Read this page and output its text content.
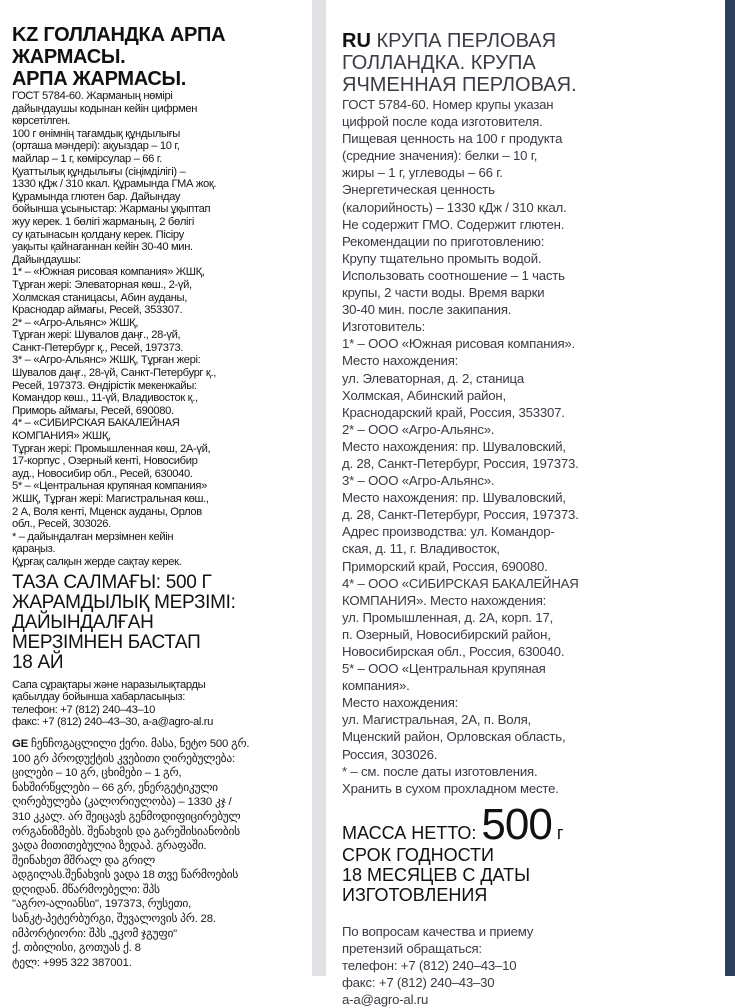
KZ ГОЛЛАНДКА АРПА
ЖАРМАСЫ.
АРПА ЖАРМАСЫ.
ГОСТ 5784-60. Жарманың нөмірі
дайындаушы кодынан кейін цифрмен
көрсетілген.
100 г өнімнің тағамдық құндылығы
(орташа мәндері): ақуыздар – 10 г,
майлар – 1 г, көмірсулар – 66 г.
Қуаттылық құндылығы (сіңімділігі) –
1330 кДж / 310 ккал. Құрамында ГМА жоқ.
Құрамында глютен бар. Дайындау
бойынша ұсыныстар: Жарманы ұқыптап
жуу керек. 1 бөлігі жарманың, 2 бөлігі
су қатынасын қолдану керек. Пісіру
уақыты қайнағаннан кейін 30-40 мин.
Дайындаушы:
1* – «Южная рисовая компания» ЖШҚ,
Тұрған жері: Элеваторная көш., 2-үй,
Холмская станицасы, Абин ауданы,
Краснодар аймағы, Ресей, 353307.
2* – «Агро-Альянс» ЖШҚ,
Тұрған жері: Шувалов даңғ., 28-үй,
Санкт-Петербург қ., Ресей, 197373.
3* – «Агро-Альянс» ЖШҚ, Тұрған жері:
Шувалов даңғ., 28-үй, Санкт-Петербург қ.,
Ресей, 197373. Өндірістік мекенжайы:
Командор көш., 11-үй, Владивосток қ.,
Приморь аймағы, Ресей, 690080.
4* – «СИБИРСКАЯ БАКАЛЕЙНАЯ
КОМПАНИЯ» ЖШҚ,
Тұрған жері: Промышленная көш, 2А-үй,
17-корпус , Озерный кенті, Новосибир
ауд., Новосибир обл., Ресей, 630040.
5* – «Центральная крупяная компания»
ЖШҚ, Тұрған жері: Магистральная көш.,
2 А, Воля кенті, Мценск ауданы, Орлов
обл., Ресей, 303026.
* – дайындалған мерзімнен кейін
қараңыз.
Құрғақ салқын жерде сақтау керек.
ТАЗА САЛМАҒЫ: 500 Г
ЖАРАМДЫЛЫҚ МЕРЗІМІ:
ДАЙЫНДАЛҒАН
МЕРЗІМНЕН БАСТАП
18 АЙ
Сапа сұрақтары және наразылықтарды
қабылдау бойынша хабарласыңыз:
телефон: +7 (812) 240–43–10
факс: +7 (812) 240–43–30, a-a@agro-al.ru
GE ჩენჩოგაცლილი ქერი. მასა, ნეტო 500 გრ.
100 გრ პროდუქტის კვებითი ღირებულება:
ცილები – 10 გრ, ცხიმები – 1 გრ,
ნახშირწყლები – 66 გრ, ენერგეტიკული
ღირებულება (კალორიულობა) – 1330 კჯ /
310 კკალ. არ შეიცავს გენმოდიფიცირებულ
ორგანიზმებს. შენახვის და გარეშისიანობის
ვადა მითითებულია ზედაპ. გრაფაში.
შეინახეთ მშრალ და გრილ
ადგილას.შენახვის ვადა 18 თვე წარმოების
დღიდან. მწარმოებელი: შპს
"აგრო-ალიანსი", 197373, რუსეთი,
სანკტ-პეტერბურგი, შუვალოვის პრ. 28.
იმპორტიორი: შპს „ეკომ ჯგუფი"
ქ. თბილისი, გოთუას ქ. 8
ტელ: +995 322 387001.
RU КРУПА ПЕРЛОВАЯ
ГОЛЛАНДКА. КРУПА
ЯЧМЕННАЯ ПЕРЛОВАЯ.
ГОСТ 5784-60. Номер крупы указан
цифрой после кода изготовителя.
Пищевая ценность на 100 г продукта
(средние значения): белки – 10 г,
жиры – 1 г, углеводы – 66 г.
Энергетическая ценность
(калорийность) – 1330 кДж / 310 ккал.
Не содержит ГМО. Содержит глютен.
Рекомендации по приготовлению:
Крупу тщательно промыть водой.
Использовать соотношение – 1 часть
крупы, 2 части воды. Время варки
30-40 мин. после закипания.
Изготовитель:
1* – ООО «Южная рисовая компания».
Место нахождения:
ул. Элеваторная, д. 2, станица
Холмская, Абинский район,
Краснодарский край, Россия, 353307.
2* – ООО «Агро-Альянс».
Место нахождения: пр. Шуваловский,
д. 28, Санкт-Петербург, Россия, 197373.
3* – ООО «Агро-Альянс».
Место нахождения: пр. Шуваловский,
д. 28, Санкт-Петербург, Россия, 197373.
Адрес производства: ул. Командор-
ская, д. 11, г. Владивосток,
Приморский край, Россия, 690080.
4* – ООО «СИБИРСКАЯ БАКАЛЕЙНАЯ
КОМПАНИЯ». Место нахождения:
ул. Промышленная, д. 2А, корп. 17,
п. Озерный, Новосибирский район,
Новосибирская обл., Россия, 630040.
5* – ООО «Центральная крупяная
компания».
Место нахождения:
ул. Магистральная, 2А, п. Воля,
Мценский район, Орловская область,
Россия, 303026.
* – см. после даты изготовления.
Хранить в сухом прохладном месте.
МАССА НЕТТО: 500 г
СРОК ГОДНОСТИ
18 МЕСЯЦЕВ С ДАТЫ
ИЗГОТОВЛЕНИЯ
По вопросам качества и приему
претензий обращаться:
телефон: +7 (812) 240–43–10
факс: +7 (812) 240–43–30
a-a@agro-al.ru
